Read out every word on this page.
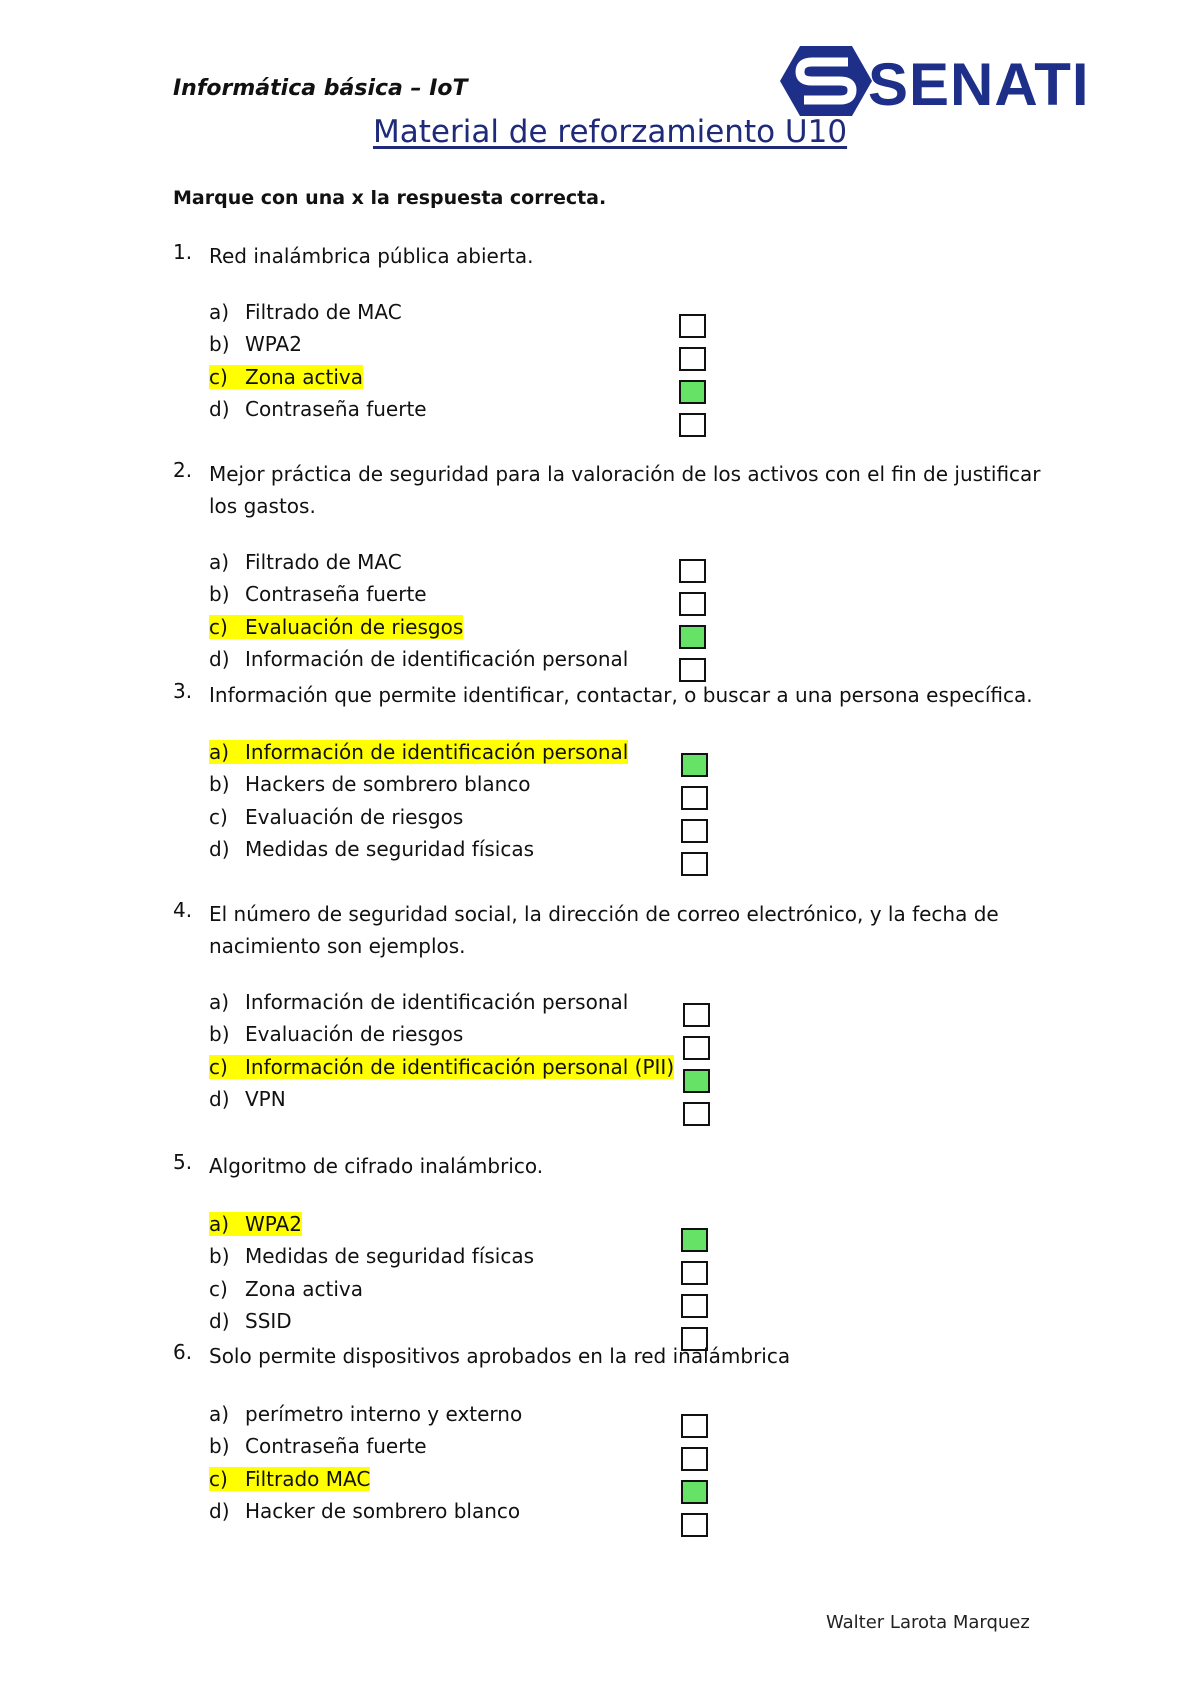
Informática básica – IoT	SENATI
Material de reforzamiento U10
Marque con una x la respuesta correcta.
1. Red inalámbrica pública abierta.
a) Filtrado de MAC
b) WPA2
c) Zona activa
d) Contraseña fuerte
2. Mejor práctica de seguridad para la valoración de los activos con el fin de justificar
los gastos.
a) Filtrado de MAC
b) Contraseña fuerte
c) Evaluación de riesgos
d) Información de identificación personal
3. Información que permite identificar, contactar, o buscar a una persona específica.
a) Información de identificación personal
b) Hackers de sombrero blanco
c) Evaluación de riesgos
d) Medidas de seguridad físicas
4. El número de seguridad social, la dirección de correo electrónico, y la fecha de
nacimiento son ejemplos.
a) Información de identificación personal
b) Evaluación de riesgos
c) Información de identificación personal (PII)
d) VPN
5. Algoritmo de cifrado inalámbrico.
a) WPA2
b) Medidas de seguridad físicas
c) Zona activa
d) SSID
6. Solo permite dispositivos aprobados en la red inalámbrica
a) perímetro interno y externo
b) Contraseña fuerte
c) Filtrado MAC
d) Hacker de sombrero blanco
Walter Larota Marquez
